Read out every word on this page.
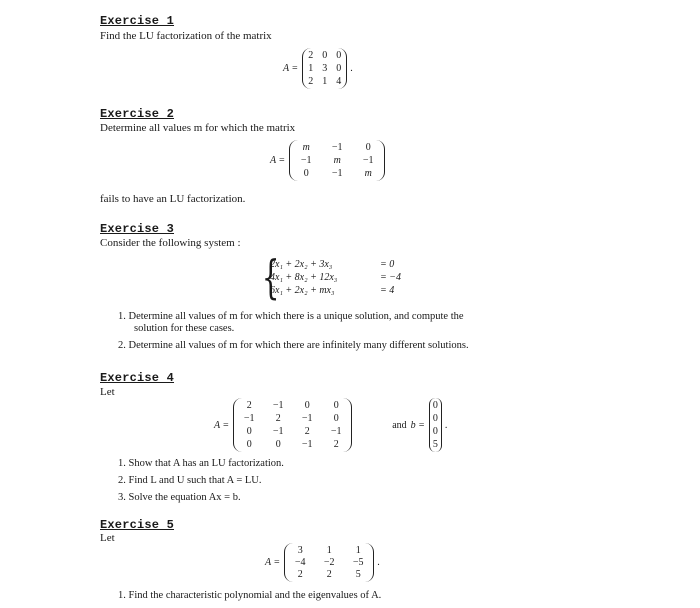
Exercise 1
Find the LU factorization of the matrix
A =
2 0 0
1 3 0
2 1 4
.
Exercise 2
Determine all values m for which the matrix
A =
m	−1	0
−1	m	−1
0	−1	m
fails to have an LU factorization.
Exercise 3
Consider the following system :
{
2x₁ + 2x₂ + 3x₃	= 0
4x₁ + 8x₂ + 12x₃	= −4
6x₁ + 2x₂ + mx₃	= 4
1. Determine all values of m for which there is a unique solution, and compute the
solution for these cases.
2. Determine all values of m for which there are infinitely many different solutions.
Exercise 4
Let
A =
2	−1	0	0
−1	2	−1	0
0	−1	2	−1
0	0	−1	2
and b =
0
0
0
5
.
1. Show that A has an LU factorization.
2. Find L and U such that A = LU.
3. Solve the equation Ax = b.
Exercise 5
Let
A =
3	1	1
−4	−2	−5
2	2	5
.
1. Find the characteristic polynomial and the eigenvalues of A.
